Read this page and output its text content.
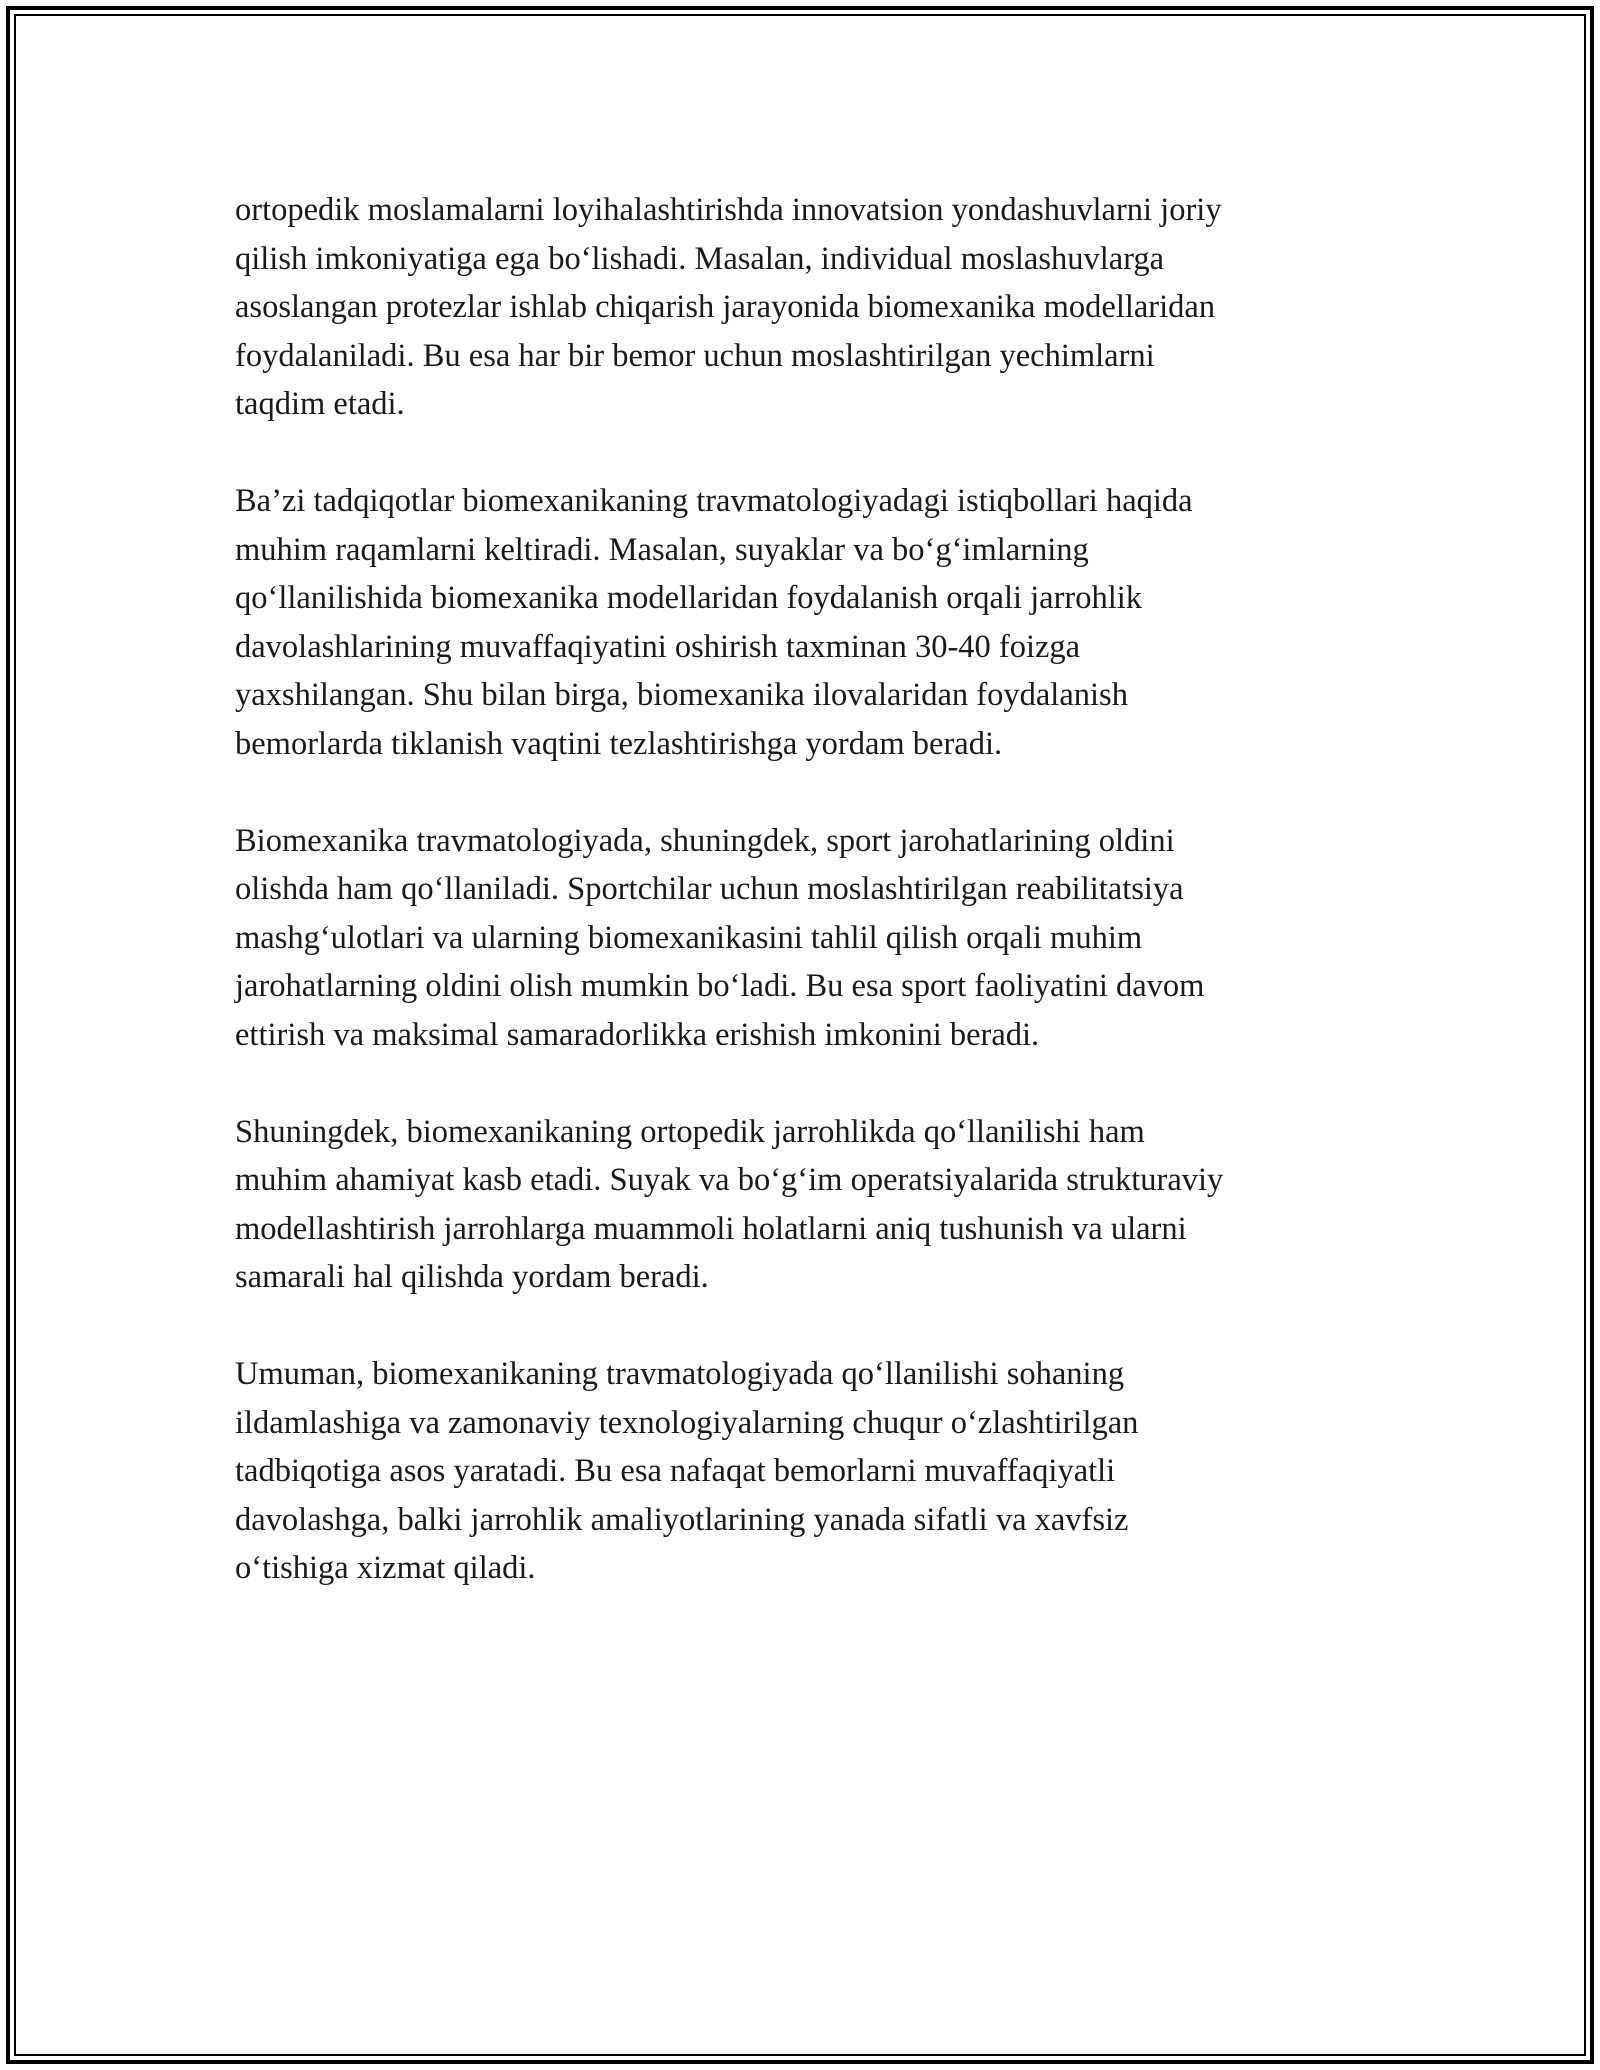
ortopedik moslamalarni loyihalashtirishda innovatsion yondashuvlarni joriy
qilish imkoniyatiga ega boʻlishadi. Masalan, individual moslashuvlarga
asoslangan protezlar ishlab chiqarish jarayonida biomexanika modellaridan
foydalaniladi. Bu esa har bir bemor uchun moslashtirilgan yechimlarni
taqdim etadi.

Ba’zi tadqiqotlar biomexanikaning travmatologiyadagi istiqbollari haqida
muhim raqamlarni keltiradi. Masalan, suyaklar va boʻgʻimlarning
qoʻllanilishida biomexanika modellaridan foydalanish orqali jarrohlik
davolashlarining muvaffaqiyatini oshirish taxminan 30-40 foizga
yaxshilangan. Shu bilan birga, biomexanika ilovalaridan foydalanish
bemorlarda tiklanish vaqtini tezlashtirishga yordam beradi.

Biomexanika travmatologiyada, shuningdek, sport jarohatlarining oldini
olishda ham qoʻllaniladi. Sportchilar uchun moslashtirilgan reabilitatsiya
mashgʻulotlari va ularning biomexanikasini tahlil qilish orqali muhim
jarohatlarning oldini olish mumkin boʻladi. Bu esa sport faoliyatini davom
ettirish va maksimal samaradorlikka erishish imkonini beradi.

Shuningdek, biomexanikaning ortopedik jarrohlikda qoʻllanilishi ham
muhim ahamiyat kasb etadi. Suyak va boʻgʻim operatsiyalarida strukturaviy
modellashtirish jarrohlarga muammoli holatlarni aniq tushunish va ularni
samarali hal qilishda yordam beradi.

Umuman, biomexanikaning travmatologiyada qoʻllanilishi sohaning
ildamlashiga va zamonaviy texnologiyalarning chuqur oʻzlashtirilgan
tadbiqotiga asos yaratadi. Bu esa nafaqat bemorlarni muvaffaqiyatli
davolashga, balki jarrohlik amaliyotlarining yanada sifatli va xavfsiz
oʻtishiga xizmat qiladi.
